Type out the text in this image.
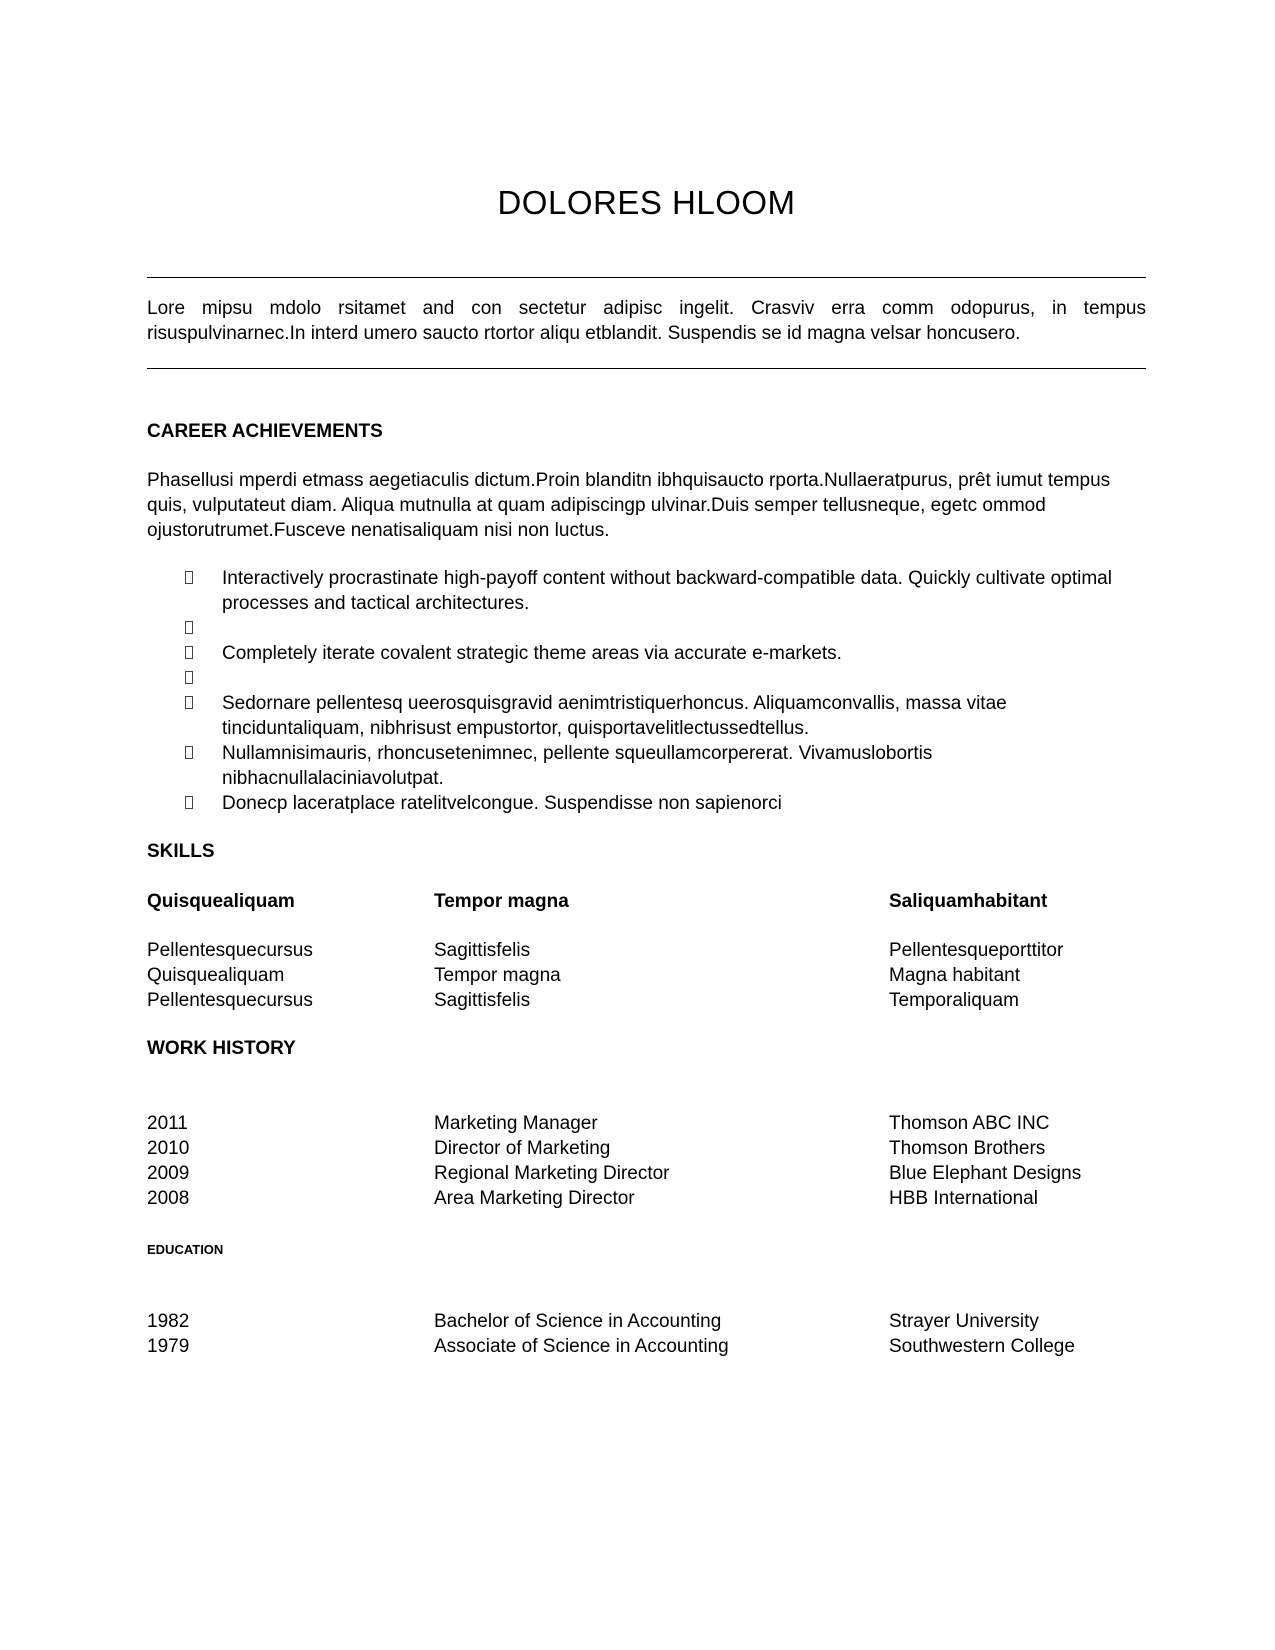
DOLORES HLOOM
Lore mipsu mdolo rsitamet and con sectetur adipisc ingelit. Crasviv erra comm odopurus, in tempus risuspulvinarnec.In interd umero saucto rtortor aliqu etblandit. Suspendis se id magna velsar honcusero.
CAREER ACHIEVEMENTS
Phasellusi mperdi etmass aegetiaculis dictum.Proin blanditn ibhquisaucto rporta.Nullaeratpurus, prêt iumut tempus quis, vulputateut diam. Aliqua mutnulla at quam adipiscingp ulvinar.Duis semper tellusneque, egetc ommod ojustorutrumet.Fusceve nenatisaliquam nisi non luctus.
Interactively procrastinate high-payoff content without backward-compatible data. Quickly cultivate optimal processes and tactical architectures.
Completely iterate covalent strategic theme areas via accurate e-markets.
Sedornare pellentesq ueerosquisgravid aenimtristiquerhoncus. Aliquamconvallis, massa vitae tinciduntaliquam, nibhrisust empustortor, quisportavelitlectussedtellus.
Nullamnisimauris, rhoncusetenimnec, pellente squeullamcorpererat. Vivamuslobortis nibhacnullalaciniavolutpat.
Donecp laceratplace ratelitvelcongue. Suspendisse non sapienorci
SKILLS
Quisquealiquam	Tempor magna	Saliquamhabitant
Pellentesquecursus	Sagittisfelis	Pellentesqueporttitor
Quisquealiquam	Tempor magna	Magna habitant
Pellentesquecursus	Sagittisfelis	Temporaliquam
WORK HISTORY
2011	Marketing Manager	Thomson ABC INC
2010	Director of Marketing	Thomson Brothers
2009	Regional Marketing Director	Blue Elephant Designs
2008	Area Marketing Director	HBB International
EDUCATION
1982	Bachelor of Science in Accounting	Strayer University
1979	Associate of Science in Accounting	Southwestern College
